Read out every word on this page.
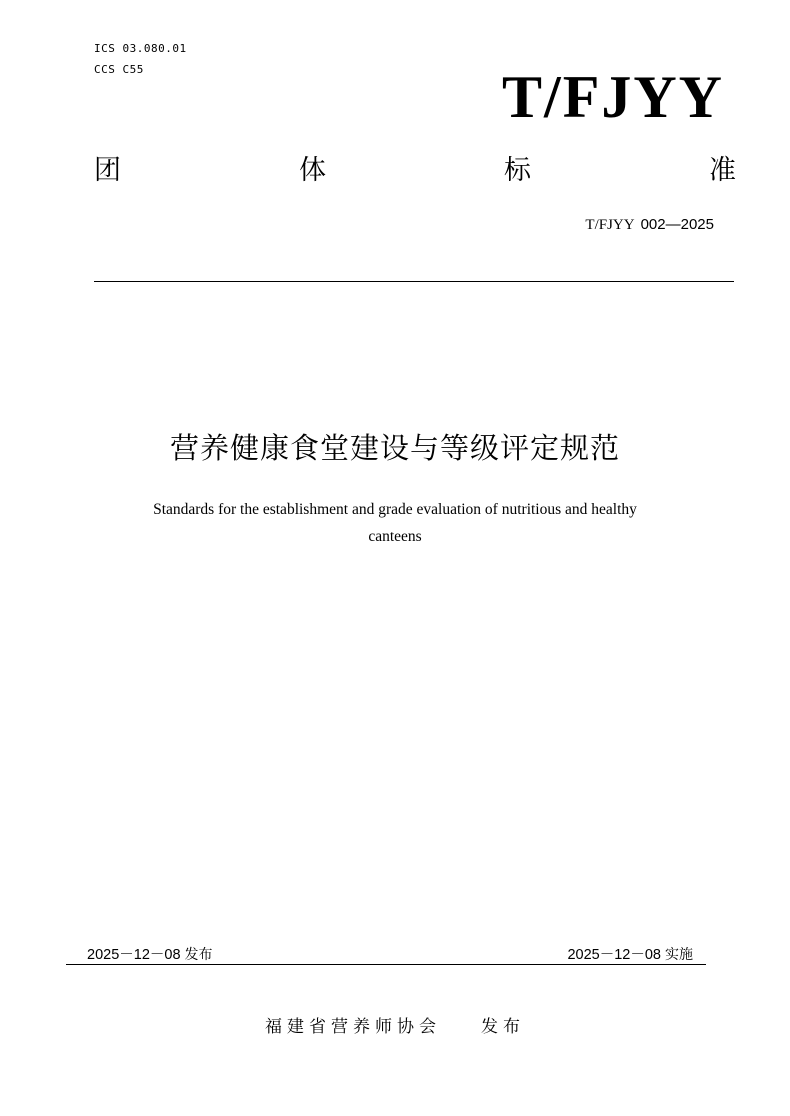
ICS 03.080.01
CCS C55	T/FJYY
团	体	标	准
T/FJYY 002—2025
营养健康食堂建设与等级评定规范
Standards for the establishment and grade evaluation of nutritious and healthy
canteens
2025－12－08 发布	2025－12－08 实施
福建省营养师协会 发布
